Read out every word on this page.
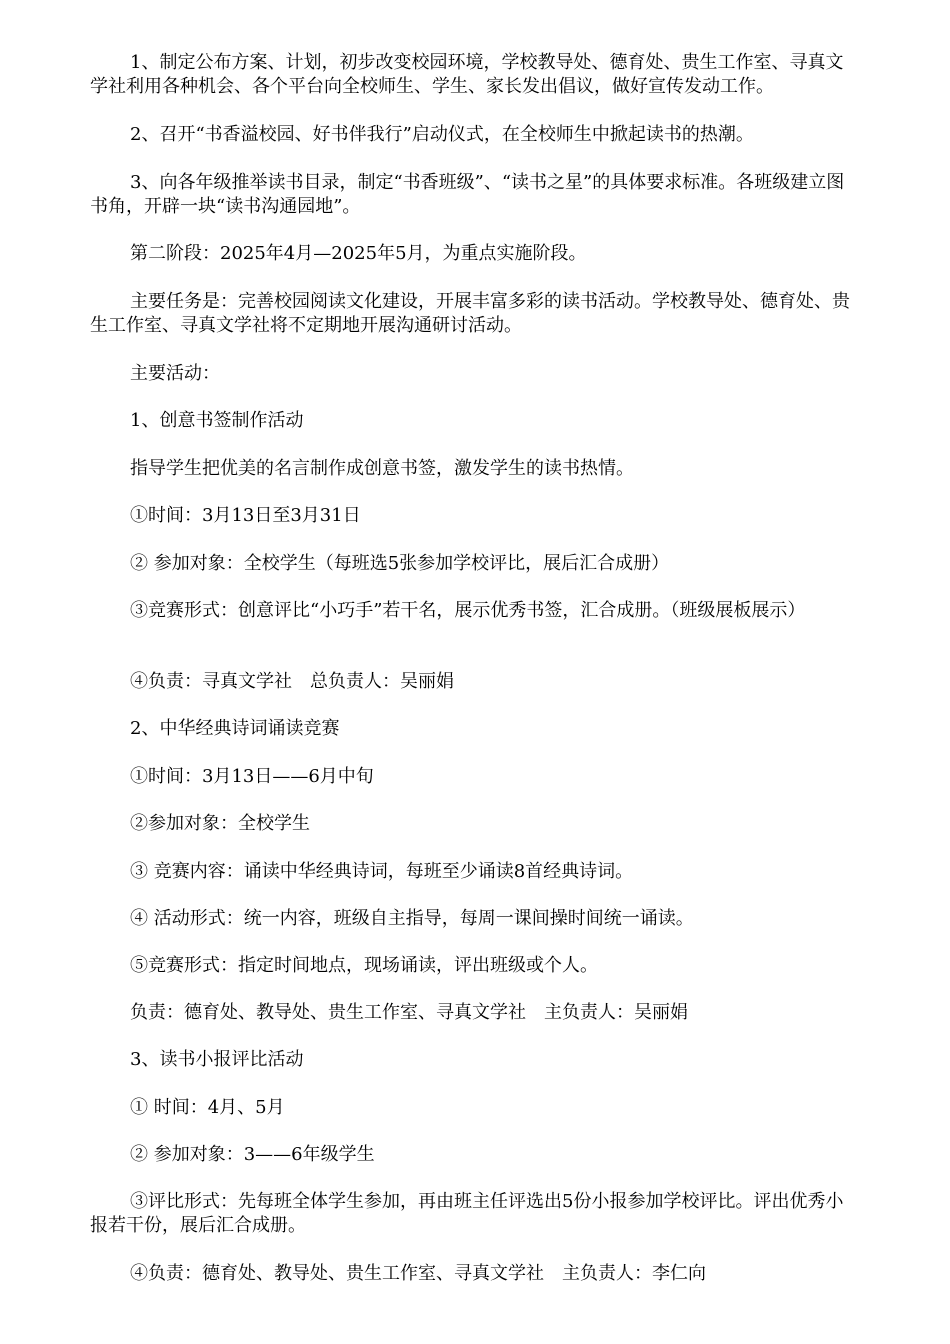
1、制定公布方案、计划，初步改变校园环境，学校教导处、德育处、贵生工作室、寻真文学社利用各种机会、各个平台向全校师生、学生、家长发出倡议，做好宣传发动工作。

2、召开“书香溢校园、好书伴我行”启动仪式，在全校师生中掀起读书的热潮。

3、向各年级推举读书目录，制定“书香班级”、“读书之星”的具体要求标准。各班级建立图书角，开辟一块“读书沟通园地”。

第二阶段：2025年4月—2025年5月，为重点实施阶段。

主要任务是：完善校园阅读文化建设，开展丰富多彩的读书活动。学校教导处、德育处、贵生工作室、寻真文学社将不定期地开展沟通研讨活动。

主要活动：

1、创意书签制作活动

指导学生把优美的名言制作成创意书签，激发学生的读书热情。

①时间：3月13日至3月31日

② 参加对象：全校学生（每班选5张参加学校评比，展后汇合成册）

③竞赛形式：创意评比“小巧手”若干名，展示优秀书签，汇合成册。（班级展板展示）

④负责：寻真文学社　总负责人：吴丽娟

2、中华经典诗词诵读竞赛

①时间：3月13日——6月中旬

②参加对象：全校学生

③ 竞赛内容：诵读中华经典诗词，每班至少诵读8首经典诗词。

④ 活动形式：统一内容，班级自主指导，每周一课间操时间统一诵读。

⑤竞赛形式：指定时间地点，现场诵读，评出班级或个人。

负责：德育处、教导处、贵生工作室、寻真文学社　主负责人：吴丽娟

3、读书小报评比活动

① 时间：4月、5月

② 参加对象：3——6年级学生

③评比形式：先每班全体学生参加，再由班主任评选出5份小报参加学校评比。评出优秀小报若干份，展后汇合成册。

④负责：德育处、教导处、贵生工作室、寻真文学社　主负责人：李仁向
